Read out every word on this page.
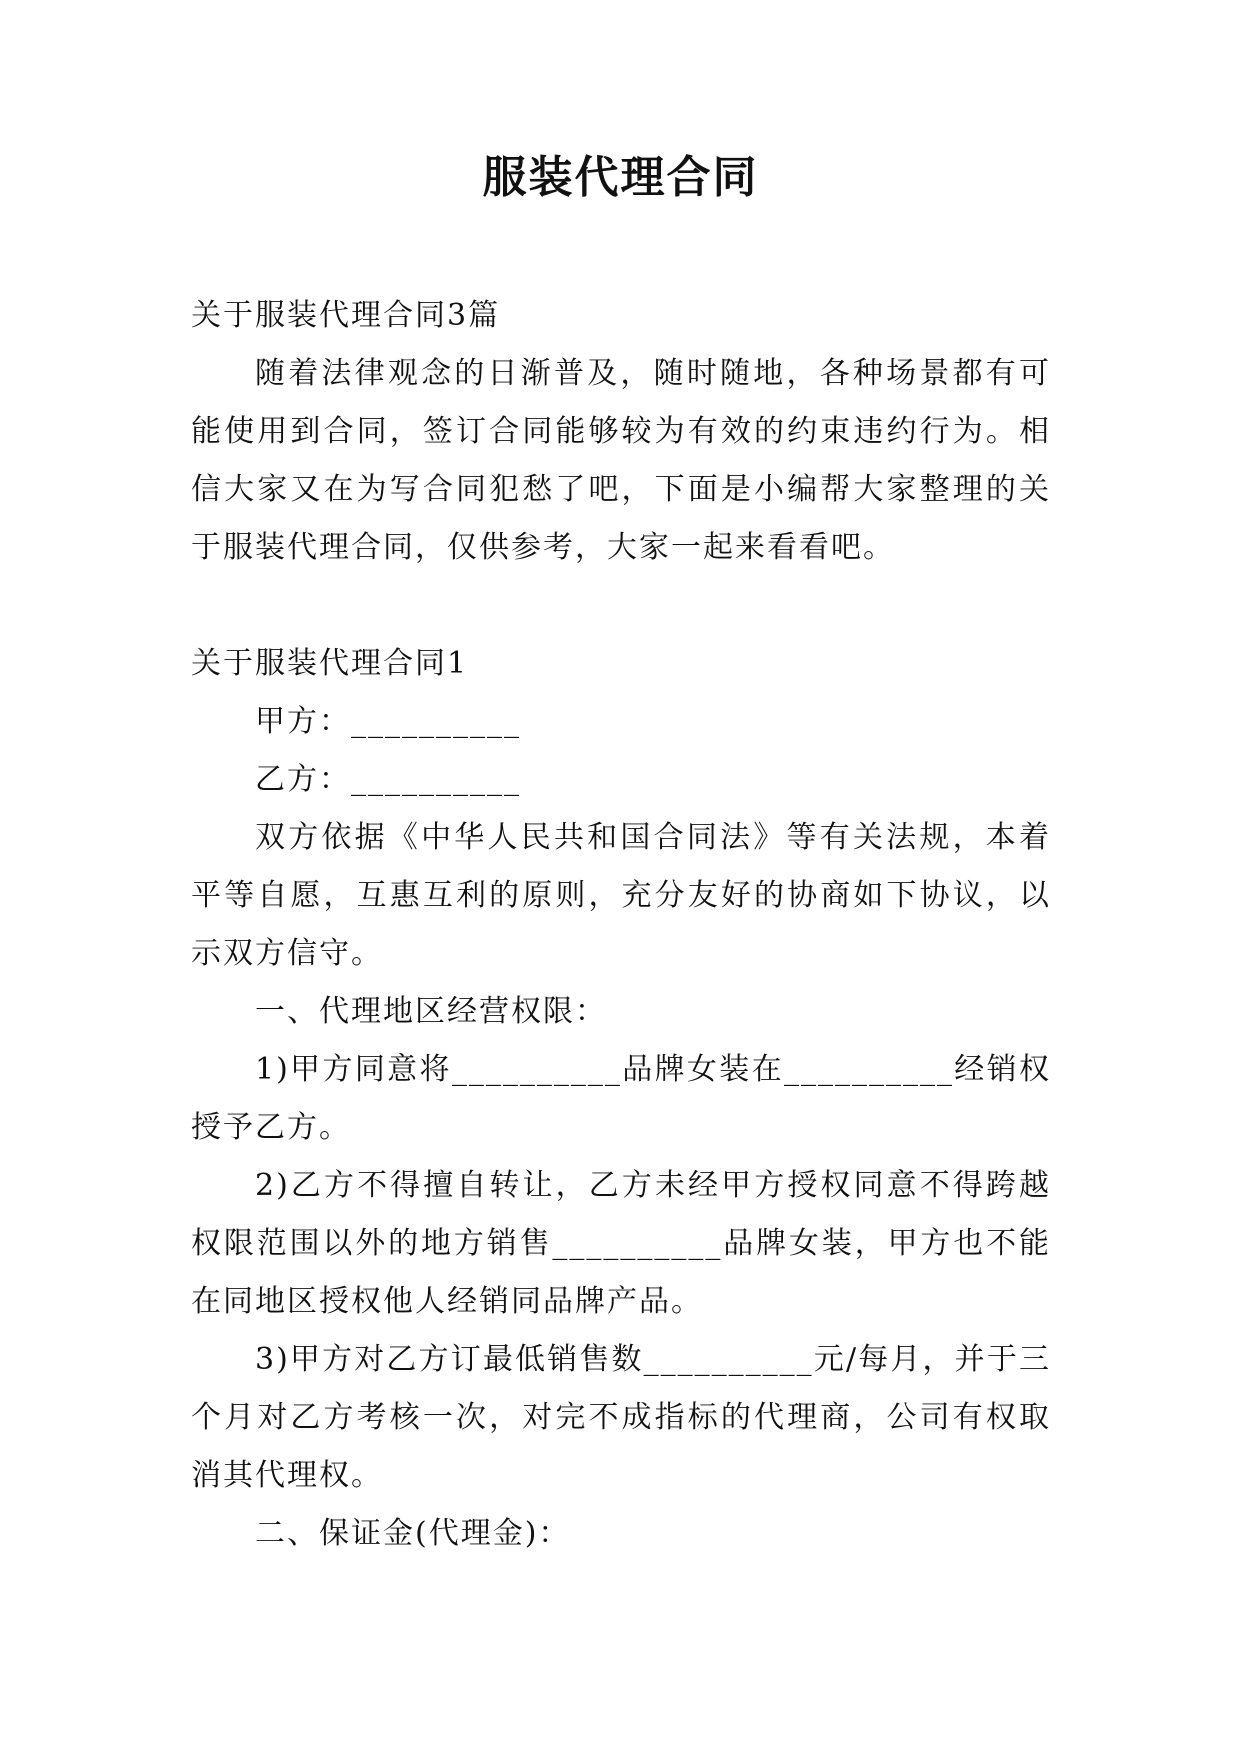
服装代理合同

关于服装代理合同3篇

随着法律观念的日渐普及，随时随地，各种场景都有可能使用到合同，签订合同能够较为有效的约束违约行为。相信大家又在为写合同犯愁了吧，下面是小编帮大家整理的关于服装代理合同，仅供参考，大家一起来看看吧。

关于服装代理合同1

甲方：__________

乙方：__________

双方依据《中华人民共和国合同法》等有关法规，本着平等自愿，互惠互利的原则，充分友好的协商如下协议，以示双方信守。

一、代理地区经营权限：

1)甲方同意将__________品牌女装在__________经销权授予乙方。

2)乙方不得擅自转让，乙方未经甲方授权同意不得跨越权限范围以外的地方销售__________品牌女装，甲方也不能在同地区授权他人经销同品牌产品。

3)甲方对乙方订最低销售数__________元/每月，并于三个月对乙方考核一次，对完不成指标的代理商，公司有权取消其代理权。

二、保证金(代理金)：
